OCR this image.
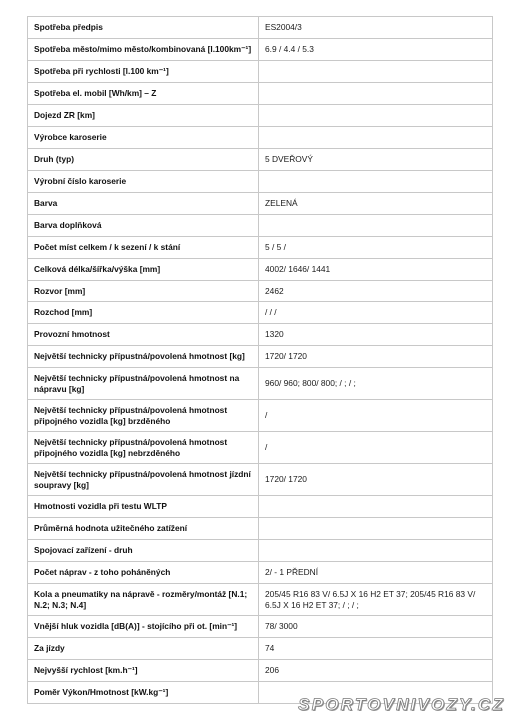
Spotřeba předpis	ES2004/3
Spotřeba město/mimo město/kombinovaná [l.100km⁻¹]	6.9 / 4.4 / 5.3
Spotřeba při rychlosti [l.100 km⁻¹]	
Spotřeba el. mobil [Wh/km] – Z	
Dojezd ZR [km]	
Výrobce karoserie	
Druh (typ)	5 DVEŘOVÝ
Výrobní číslo karoserie	
Barva	ZELENÁ
Barva doplňková	
Počet míst celkem / k sezení / k stání	5 / 5 /
Celková délka/šířka/výška [mm]	4002/ 1646/ 1441
Rozvor [mm]	2462
Rozchod [mm]	/ / /
Provozní hmotnost	1320
Největší technicky přípustná/povolená hmotnost [kg]	1720/ 1720
Největší technicky přípustná/povolená hmotnost na nápravu [kg]	960/ 960; 800/ 800; / ; / ;
Největší technicky přípustná/povolená hmotnost připojného vozidla [kg] brzděného	/
Největší technicky přípustná/povolená hmotnost připojného vozidla [kg] nebrzděného	/
Největší technicky přípustná/povolená hmotnost jízdní soupravy [kg]	1720/ 1720
Hmotnosti vozidla při testu WLTP	
Průměrná hodnota užitečného zatížení	
Spojovací zařízení - druh	
Počet náprav - z toho poháněných	2/ - 1 PŘEDNÍ
Kola a pneumatiky na nápravě - rozměry/montáž [N.1; N.2; N.3; N.4]	205/45 R16 83 V/ 6.5J X 16 H2 ET 37; 205/45 R16 83 V/ 6.5J X 16 H2 ET 37; / ; / ;
Vnější hluk vozidla [dB(A)] - stojícího při ot. [min⁻¹]	78/ 3000
Za jízdy	74
Nejvyšší rychlost [km.h⁻¹]	206
Poměr Výkon/Hmotnost [kW.kg⁻¹]	
SPORTOVNIVOZY.CZ
